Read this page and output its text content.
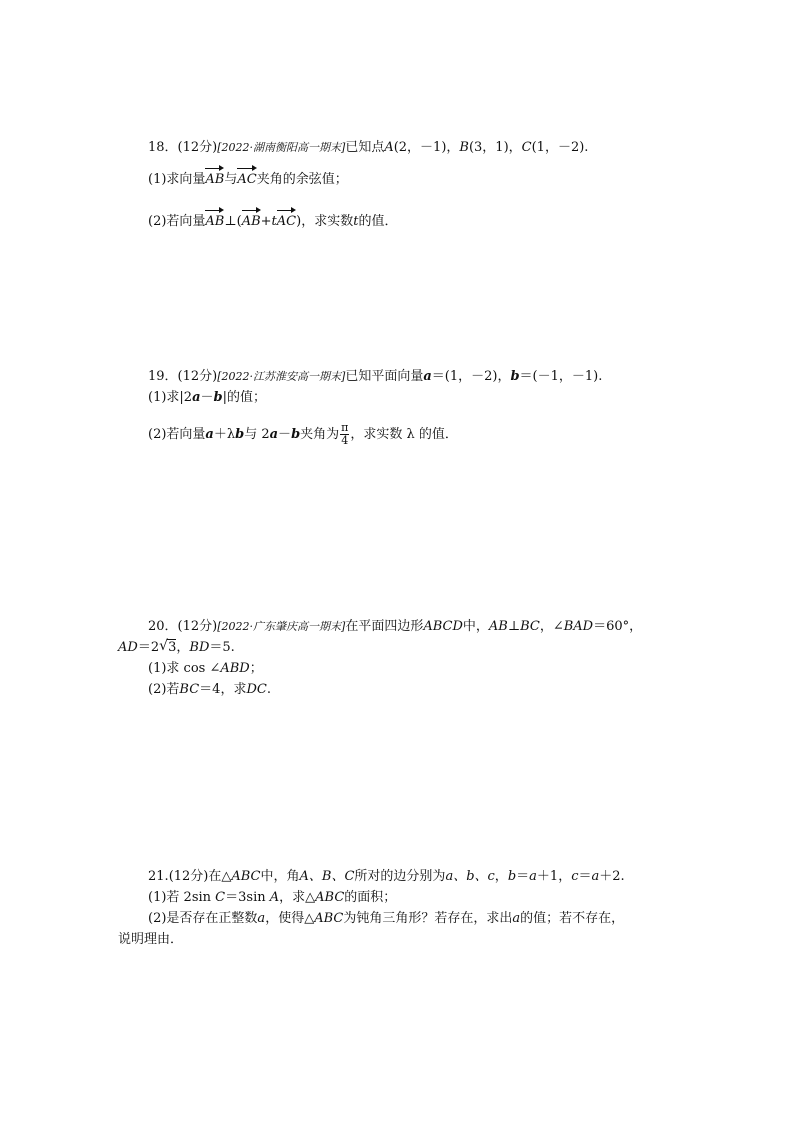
18．(12分)[2022·湖南衡阳高一期末]已知点A(2，－1)，B(3，1)，C(1，－2).
(1)求向量AB与AC夹角的余弦值；
(2)若向量AB⊥(AB+tAC)，求实数t的值．
19．(12分)[2022·江苏淮安高一期末]已知平面向量a＝(1，－2)，b＝(－1，－1).
(1)求|2a－b|的值；
(2)若向量a＋λb与 2a－b夹角为 $\frac{\pi}{4}$ ，求实数 λ 的值．
20．(12分)[2022·广东肇庆高一期末]在平面四边形ABCD中，AB⊥BC，∠BAD＝60°，
AD＝2 √ 3，BD＝5.
(1)求 cos ∠ABD；
(2)若BC＝4，求DC.
21.(12分)在△ABC中，角A、B、C所对的边分别为a、b、c，b＝a＋1，c＝a＋2.
(1)若 2sin C＝3sin A，求△ABC的面积；
(2)是否存在正整数a，使得△ABC为钝角三角形？若存在，求出a的值；若不存在，
说明理由．
